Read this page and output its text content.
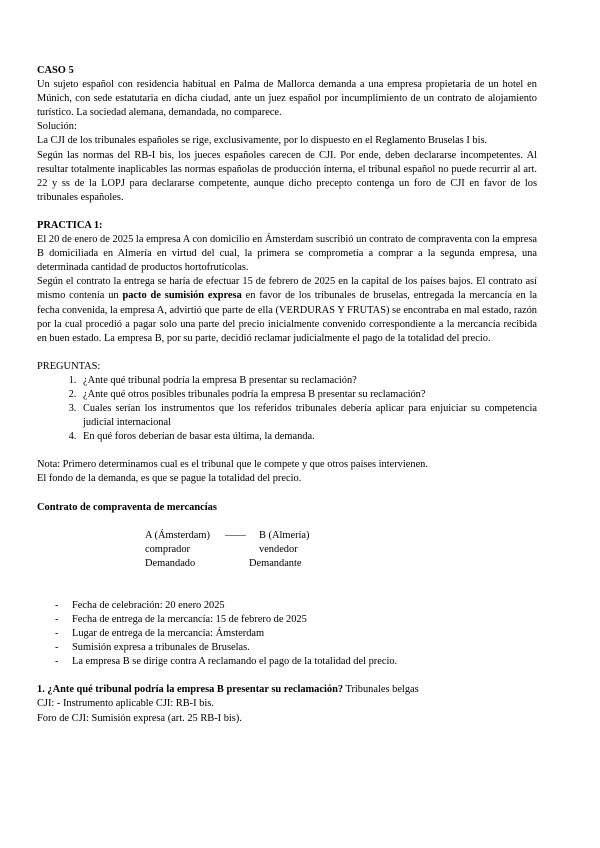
CASO 5

Un sujeto español con residencia habitual en Palma de Mallorca demanda a una empresa propietaria de un hotel en Múnich, con sede estatutaria en dicha ciudad, ante un juez español por incumplimiento de un contrato de alojamiento turístico. La sociedad alemana, demandada, no comparece.

Solución:

La CJI de los tribunales españoles se rige, exclusivamente, por lo dispuesto en el Reglamento Bruselas I bis.

Según las normas del RB-I bis, los jueces españoles carecen de CJI. Por ende, deben declararse incompetentes. Al resultar totalmente inaplicables las normas españolas de producción interna, el tribunal español no puede recurrir al art. 22 y ss de la LOPJ para declararse competente, aunque dicho precepto contenga un foro de CJI en favor de los tribunales españoles.

PRACTICA 1:

El 20 de enero de 2025 la empresa A con domicilio en Ámsterdam suscribió un contrato de compraventa con la empresa B domiciliada en Almería en virtud del cual, la primera se comprometía a comprar a la segunda empresa, una determinada cantidad de productos hortofrutícolas.

Según el contrato la entrega se haría de efectuar 15 de febrero de 2025 en la capital de los países bajos. El contrato así mismo contenía un pacto de sumisión expresa en favor de los tribunales de bruselas, entregada la mercancía en la fecha convenida, la empresa A, advirtió que parte de ella (VERDURAS Y FRUTAS) se encontraba en mal estado, razón por la cual procedió a pagar solo una parte del precio inicialmente convenido correspondiente a la mercancía recibida en buen estado. La empresa B, por su parte, decidió reclamar judicialmente el pago de la totalidad del precio.

PREGUNTAS:

1. ¿Ante qué tribunal podría la empresa B presentar su reclamación?
2. ¿Ante qué otros posibles tribunales podría la empresa B presentar su reclamación?
3. Cuales serían los instrumentos que los referidos tribunales debería aplicar para enjuiciar su competencia judicial internacional
4. En qué foros deberían de basar esta última, la demanda.

Nota: Primero determinamos cual es el tribunal que le compete y que otros países intervienen.

El fondo de la demanda, es que se pague la totalidad del precio.

Contrato de compraventa de mercancías

A (Ámsterdam)	——	B (Almería)
comprador	vendedor
Demandado	Demandante
- Fecha de celebración: 20 enero 2025
- Fecha de entrega de la mercancía: 15 de febrero de 2025
- Lugar de entrega de la mercancía: Ámsterdam
- Sumisión expresa a tribunales de Bruselas.
- La empresa B se dirige contra A reclamando el pago de la totalidad del precio.

1. ¿Ante qué tribunal podría la empresa B presentar su reclamación? Tribunales belgas

CJI: - Instrumento aplicable CJI: RB-I bis.

Foro de CJI: Sumisión expresa (art. 25 RB-I bis).
